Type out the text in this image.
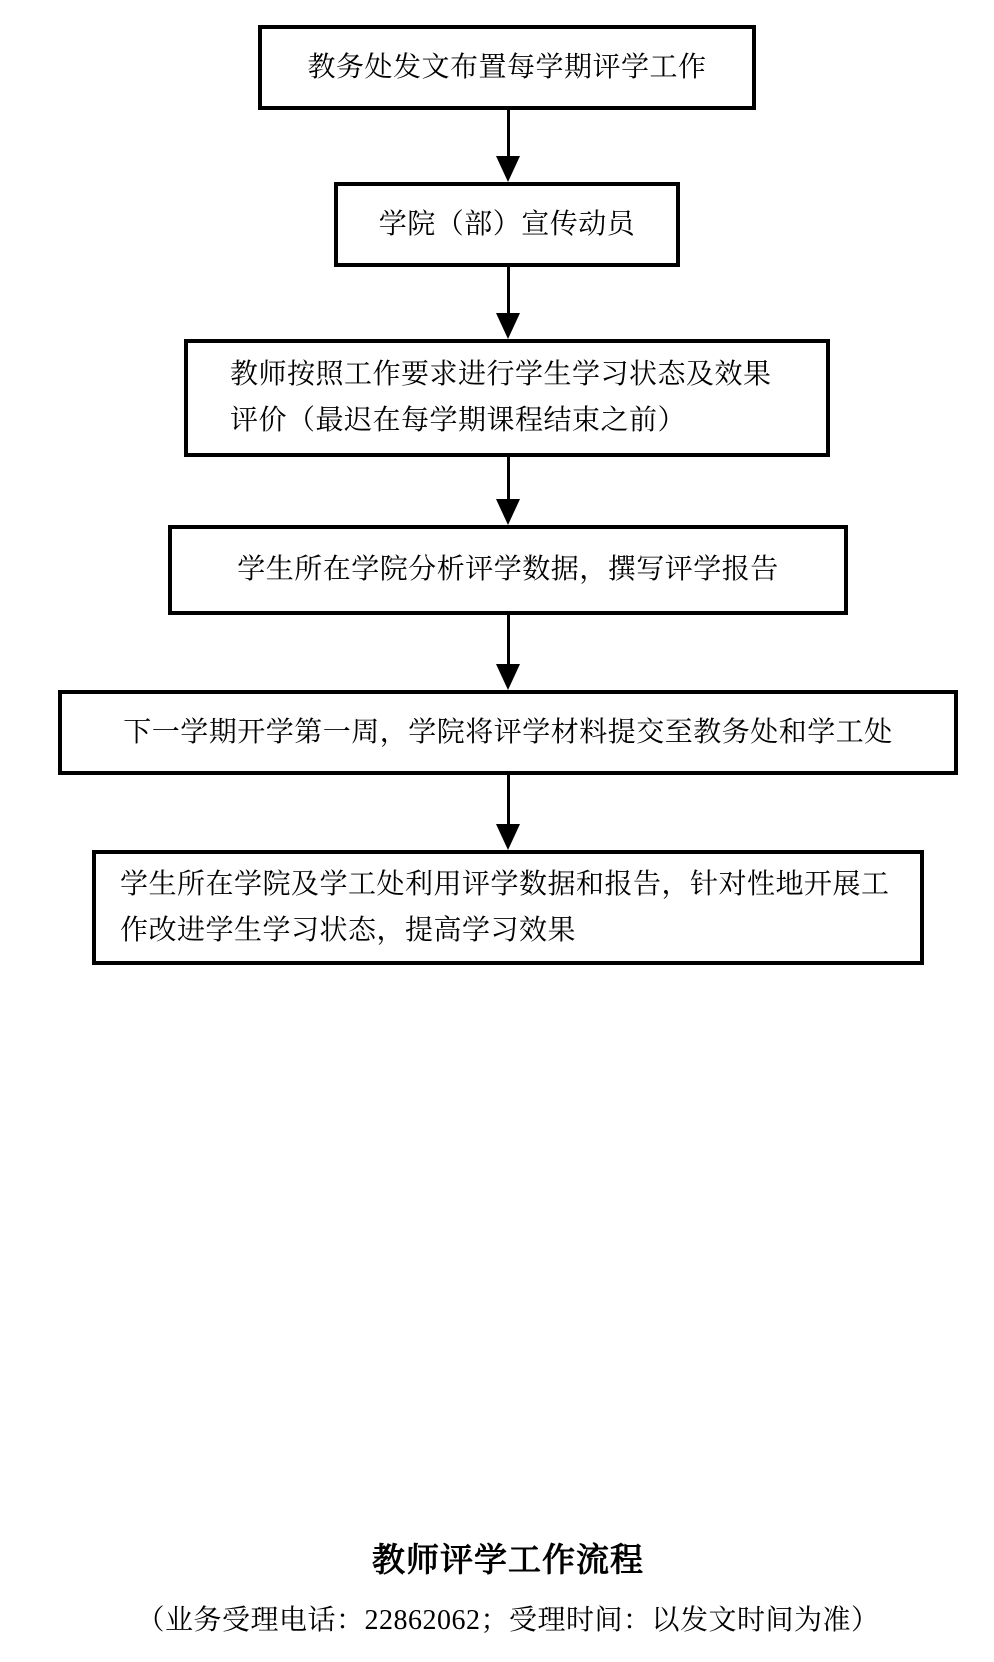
教务处发文布置每学期评学工作
学院（部）宣传动员
教师按照工作要求进行学生学习状态及效果评价（最迟在每学期课程结束之前）
学生所在学院分析评学数据，撰写评学报告
下一学期开学第一周，学院将评学材料提交至教务处和学工处
学生所在学院及学工处利用评学数据和报告，针对性地开展工作改进学生学习状态，提高学习效果
教师评学工作流程
（业务受理电话：22862062；受理时间：以发文时间为准）
